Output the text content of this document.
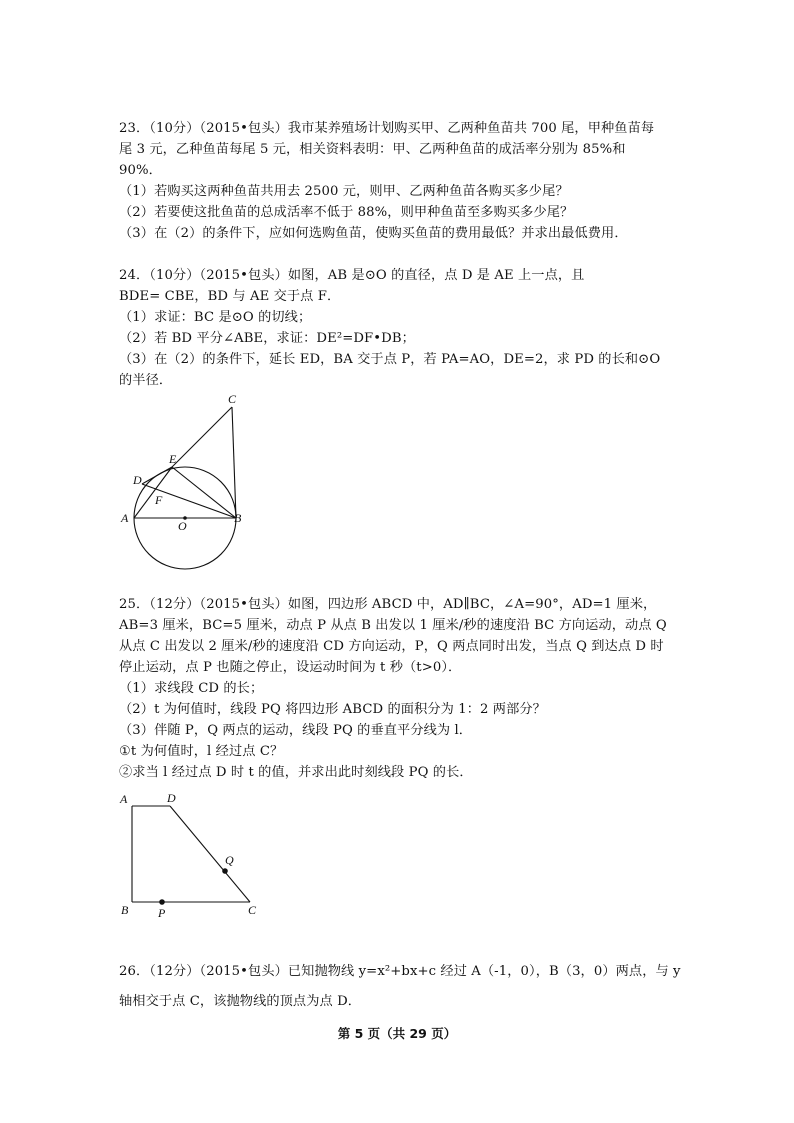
23．（10分）（2015•包头）我市某养殖场计划购买甲、乙两种鱼苗共 700 尾，甲种鱼苗每
尾 3 元，乙种鱼苗每尾 5 元，相关资料表明：甲、乙两种鱼苗的成活率分别为 85%和
90%．
（1）若购买这两种鱼苗共用去 2500 元，则甲、乙两种鱼苗各购买多少尾？
（2）若要使这批鱼苗的总成活率不低于 88%，则甲种鱼苗至多购买多少尾？
（3）在（2）的条件下，应如何选购鱼苗，使购买鱼苗的费用最低？并求出最低费用．
24．（10分）（2015•包头）如图，AB 是⊙O 的直径，点 D 是 AE 上一点，且
BDE= CBE，BD 与 AE 交于点 F．
（1）求证：BC 是⊙O 的切线；
（2）若 BD 平分∠ABE，求证：DE²=DF•DB；
（3）在（2）的条件下，延长 ED，BA 交于点 P，若 PA=AO，DE=2，求 PD 的长和⊙O
的半径．
C
E
D
F
A
O
B
25．（12分）（2015•包头）如图，四边形 ABCD 中，AD∥BC，∠A=90°，AD=1 厘米，
AB=3 厘米，BC=5 厘米，动点 P 从点 B 出发以 1 厘米/秒的速度沿 BC 方向运动，动点 Q
从点 C 出发以 2 厘米/秒的速度沿 CD 方向运动，P，Q 两点同时出发，当点 Q 到达点 D 时
停止运动，点 P 也随之停止，设运动时间为 t 秒（t>0）．
（1）求线段 CD 的长；
（2）t 为何值时，线段 PQ 将四边形 ABCD 的面积分为 1：2 两部分？
（3）伴随 P，Q 两点的运动，线段 PQ 的垂直平分线为 l．
①t 为何值时，l 经过点 C？
②求当 l 经过点 D 时 t 的值，并求出此时刻线段 PQ 的长．
A	D
Q
B P	C
26．（12分）（2015•包头）已知抛物线 y=x²+bx+c 经过 A（-1，0），B（3，0）两点，与 y
轴相交于点 C，该抛物线的顶点为点 D．
第 5 页（共 29 页）
